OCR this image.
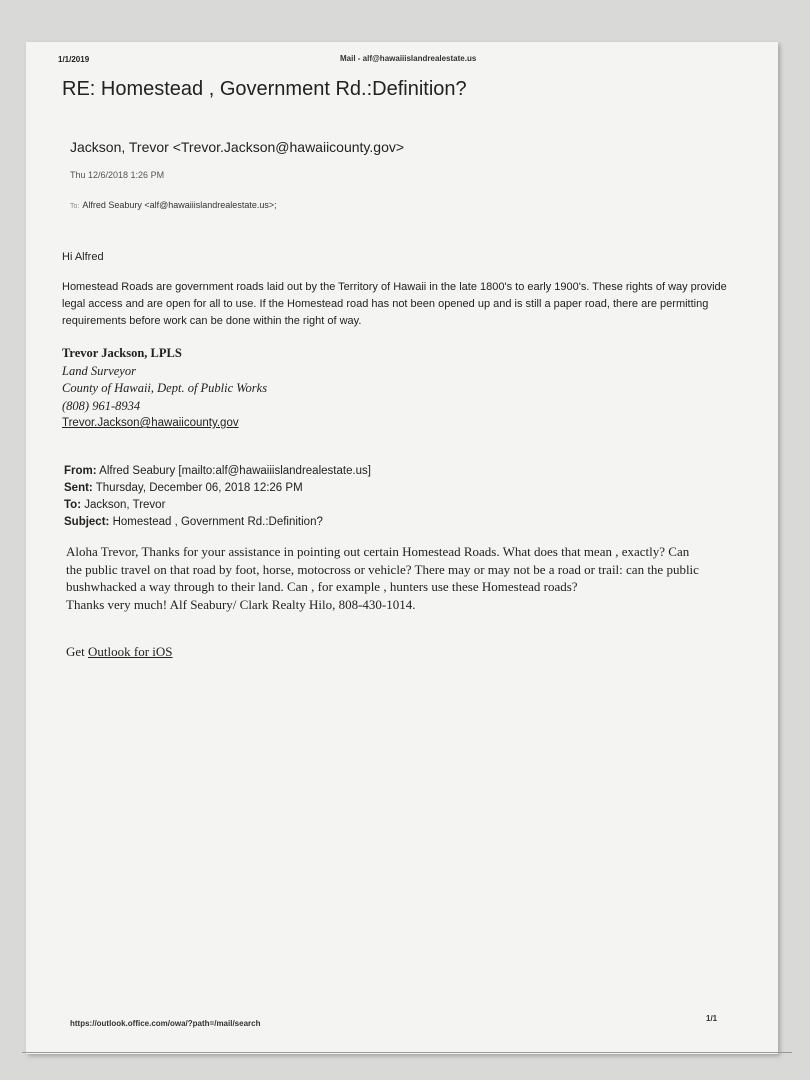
1/1/2019	Mail - alf@hawaiiislandrealestate.us
RE: Homestead , Government Rd.:Definition?
Jackson, Trevor <Trevor.Jackson@hawaiicounty.gov>
Thu 12/6/2018 1:26 PM
To: Alfred Seabury <alf@hawaiiislandrealestate.us>;
Hi Alfred
Homestead Roads are government roads laid out by the Territory of Hawaii in the late 1800's to early 1900's. These rights of way provide legal access and are open for all to use. If the Homestead road has not been opened up and is still a paper road, there are permitting requirements before work can be done within the right of way.
Trevor Jackson, LPLS
Land Surveyor
County of Hawaii, Dept. of Public Works
(808) 961-8934
Trevor.Jackson@hawaiicounty.gov
From: Alfred Seabury [mailto:alf@hawaiiislandrealestate.us]
Sent: Thursday, December 06, 2018 12:26 PM
To: Jackson, Trevor
Subject: Homestead , Government Rd.:Definition?
Aloha Trevor, Thanks for your assistance in pointing out certain Homestead Roads. What does that mean , exactly? Can the public travel on that road by foot, horse, motocross or vehicle? There may or may not be a road or trail: can the public bushwhacked a way through to their land. Can , for example , hunters use these Homestead roads?
Thanks very much! Alf Seabury/ Clark Realty Hilo, 808-430-1014.
Get Outlook for iOS
https://outlook.office.com/owa/?path=/mail/search
1/1
